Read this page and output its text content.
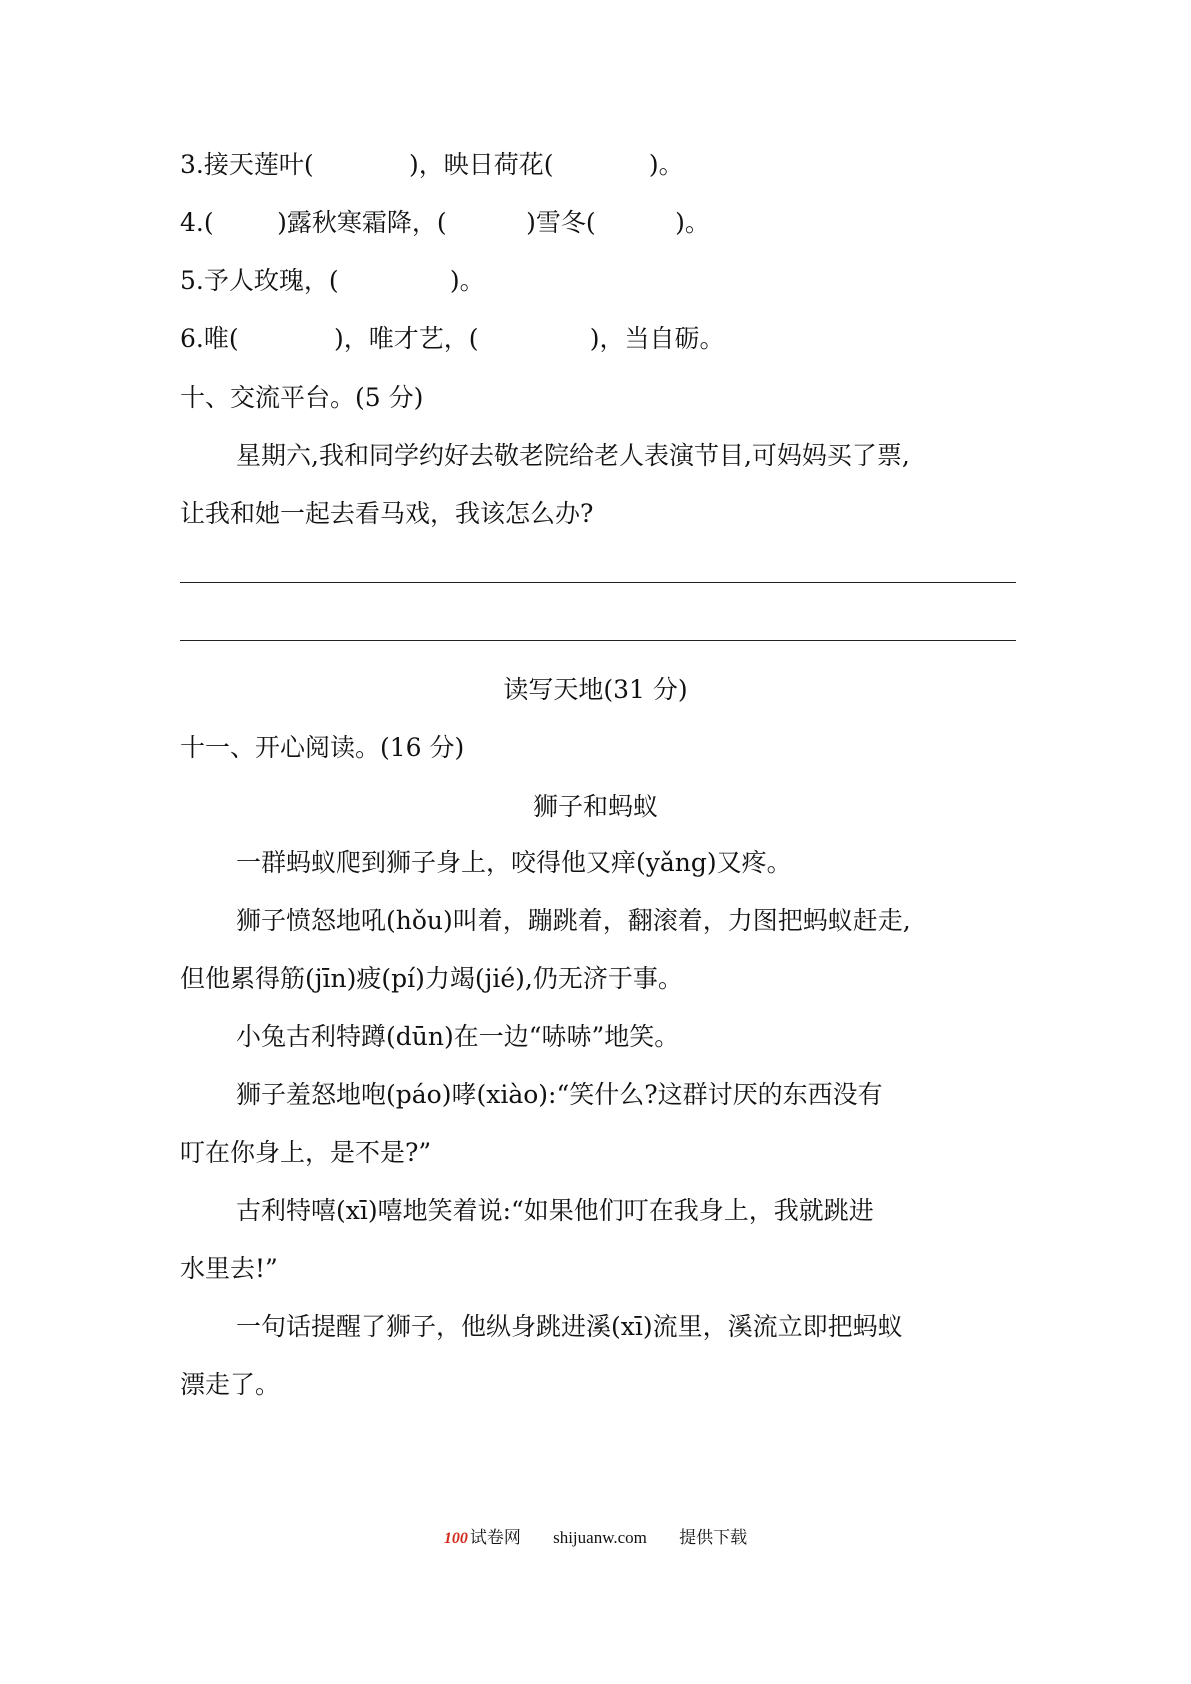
3.接天莲叶(            )，映日荷花(            )。
4.(        )露秋寒霜降，(          )雪冬(          )。
5.予人玫瑰，(              )。
6.唯(            )，唯才艺，(              )，当自砺。
十、交流平台。(5 分)
星期六,我和同学约好去敬老院给老人表演节目,可妈妈买了票,
让我和她一起去看马戏，我该怎么办?
读写天地(31 分)
十一、开心阅读。(16 分)
狮子和蚂蚁
一群蚂蚁爬到狮子身上，咬得他又痒(yǎng)又疼。
狮子愤怒地吼(hǒu)叫着，蹦跳着，翻滚着，力图把蚂蚁赶走,
但他累得筋(jīn)疲(pí)力竭(jié),仍无济于事。
小兔古利特蹲(dūn)在一边“哧哧”地笑。
狮子羞怒地咆(páo)哮(xiào):“笑什么?这群讨厌的东西没有
叮在你身上，是不是?”
古利特嘻(xī)嘻地笑着说:“如果他们叮在我身上，我就跳进
水里去!”
一句话提醒了狮子，他纵身跳进溪(xī)流里，溪流立即把蚂蚁
漂走了。
100 试卷网 shijuanw.com 提供下载
